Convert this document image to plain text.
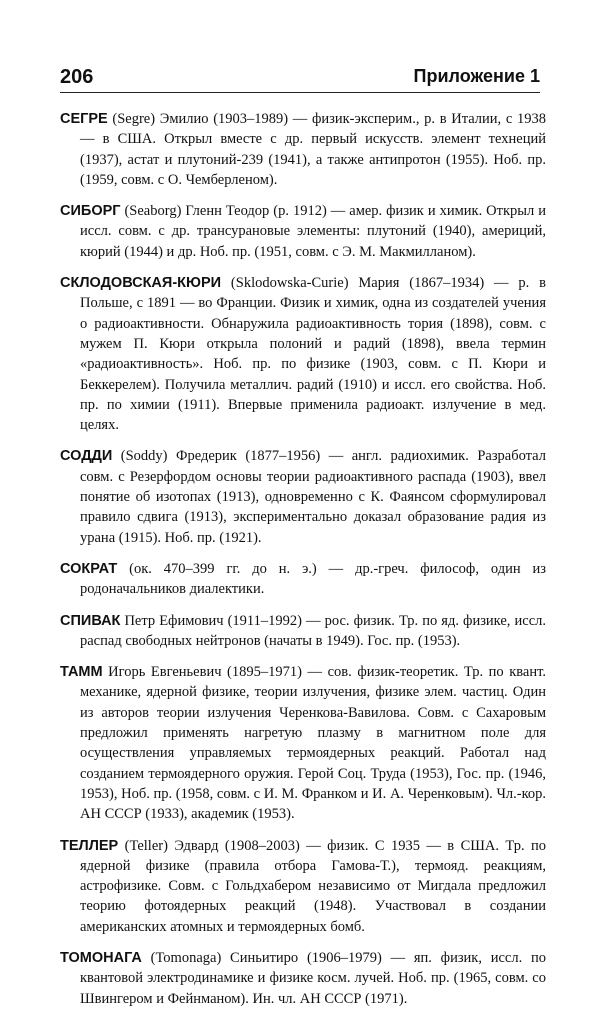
206	Приложение 1

СЕГРЕ (Segre) Эмилио (1903–1989) — физик-эксперим., р. в Италии, с 1938 — в США. Открыл вместе с др. первый искусств. элемент технеций (1937), астат и плутоний-239 (1941), а также антипротон (1955). Ноб. пр. (1959, совм. с О. Чемберленом).

СИБОРГ (Seaborg) Гленн Теодор (р. 1912) — амер. физик и химик. Открыл и иссл. совм. с др. трансурановые элементы: плутоний (1940), америций, кюрий (1944) и др. Ноб. пр. (1951, совм. с Э. М. Макмилланом).

СКЛОДОВСКАЯ-КЮРИ (Sklodowska-Curie) Мария (1867–1934) — р. в Польше, с 1891 — во Франции. Физик и химик, одна из создателей учения о радиоактивности. Обнаружила радиоактивность тория (1898), совм. с мужем П. Кюри открыла полоний и радий (1898), ввела термин «радиоактивность». Ноб. пр. по физике (1903, совм. с П. Кюри и Беккерелем). Получила металлич. радий (1910) и иссл. его свойства. Ноб. пр. по химии (1911). Впервые применила радиоакт. излучение в мед. целях.

СОДДИ (Soddy) Фредерик (1877–1956) — англ. радиохимик. Разработал совм. с Резерфордом основы теории радиоактивного распада (1903), ввел понятие об изотопах (1913), одновременно с К. Фаянсом сформулировал правило сдвига (1913), экспериментально доказал образование радия из урана (1915). Ноб. пр. (1921).

СОКРАТ (ок. 470–399 гг. до н. э.) — др.-греч. философ, один из родоначальников диалектики.

СПИВАК Петр Ефимович (1911–1992) — рос. физик. Тр. по яд. физике, иссл. распад свободных нейтронов (начаты в 1949). Гос. пр. (1953).

ТАММ Игорь Евгеньевич (1895–1971) — сов. физик-теоретик. Тр. по квант. механике, ядерной физике, теории излучения, физике элем. частиц. Один из авторов теории излучения Черенкова-Вавилова. Совм. с Сахаровым предложил применять нагретую плазму в магнитном поле для осуществления управляемых термоядерных реакций. Работал над созданием термоядерного оружия. Герой Соц. Труда (1953), Гос. пр. (1946, 1953), Ноб. пр. (1958, совм. с И. М. Франком и И. А. Черенковым). Чл.-кор. АН СССР (1933), академик (1953).

ТЕЛЛЕР (Teller) Эдвард (1908–2003) — физик. С 1935 — в США. Тр. по ядерной физике (правила отбора Гамова-Т.), термояд. реакциям, астрофизике. Совм. с Гольдхабером независимо от Мигдала предложил теорию фотоядерных реакций (1948). Участвовал в создании американских атомных и термоядерных бомб.

ТОМОНАГА (Tomonaga) Синьитиро (1906–1979) — яп. физик, иссл. по квантовой электродинамике и физике косм. лучей. Ноб. пр. (1965, совм. со Швингером и Фейнманом). Ин. чл. АН СССР (1971).
